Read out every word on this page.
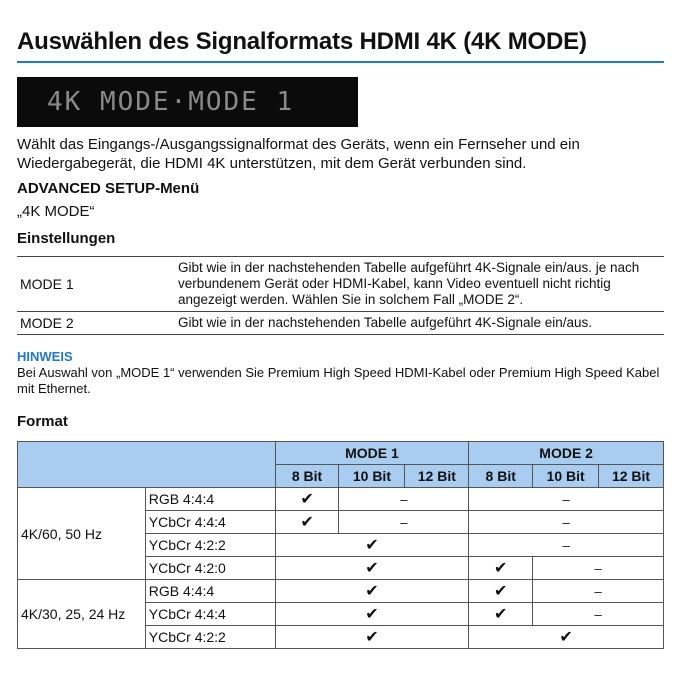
Auswählen des Signalformats HDMI 4K (4K MODE)
4K MODE·MODE 1
Wählt das Eingangs-/Ausgangssignalformat des Geräts, wenn ein Fernseher und ein Wiedergabegerät, die HDMI 4K unterstützen, mit dem Gerät verbunden sind.
ADVANCED SETUP-Menü
„4K MODE“
Einstellungen
MODE 1	Gibt wie in der nachstehenden Tabelle aufgeführt 4K-Signale ein/aus. je nach verbundenem Gerät oder HDMI-Kabel, kann Video eventuell nicht richtig angezeigt werden. Wählen Sie in solchem Fall „MODE 2“.
MODE 2	Gibt wie in der nachstehenden Tabelle aufgeführt 4K-Signale ein/aus.
HINWEIS
Bei Auswahl von „MODE 1“ verwenden Sie Premium High Speed HDMI-Kabel oder Premium High Speed Kabel mit Ethernet.
Format
		MODE 1			MODE 2		
		8 Bit	10 Bit	12 Bit	8 Bit	10 Bit	12 Bit
4K/60, 50 Hz	RGB 4:4:4	✔	–		–		
	YCbCr 4:4:4	✔	–		–		
	YCbCr 4:2:2	✔			–		
	YCbCr 4:2:0	✔			✔	–	
4K/30, 25, 24 Hz	RGB 4:4:4	✔			✔	–	
	YCbCr 4:4:4	✔			✔	–	
	YCbCr 4:2:2	✔			✔		
